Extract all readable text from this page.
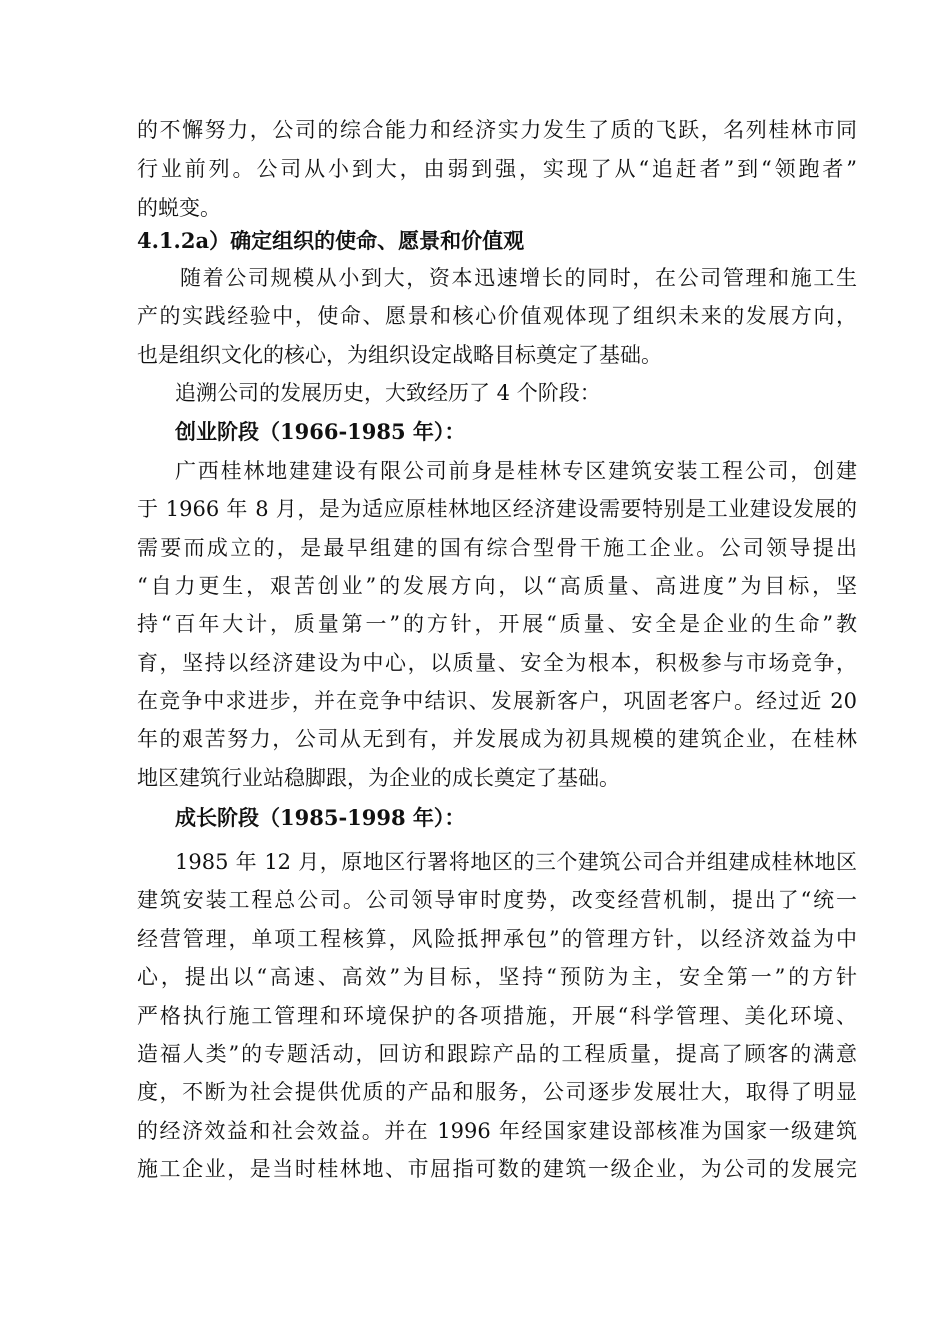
的不懈努力，公司的综合能力和经济实力发生了质的飞跃，名列桂林市同
行业前列。公司从小到大，由弱到强，实现了从“追赶者”到“领跑者”
的蜕变。
4.1.2a）确定组织的使命、愿景和价值观
随着公司规模从小到大，资本迅速增长的同时，在公司管理和施工生
产的实践经验中，使命、愿景和核心价值观体现了组织未来的发展方向，
也是组织文化的核心，为组织设定战略目标奠定了基础。
追溯公司的发展历史，大致经历了 4 个阶段：
创业阶段（1966-1985 年）：
广西桂林地建建设有限公司前身是桂林专区建筑安装工程公司，创建
于 1966 年 8 月，是为适应原桂林地区经济建设需要特别是工业建设发展的
需要而成立的，是最早组建的国有综合型骨干施工企业。公司领导提出
“自力更生，艰苦创业”的发展方向，以“高质量、高进度”为目标，坚
持“百年大计，质量第一”的方针，开展“质量、安全是企业的生命”教
育，坚持以经济建设为中心，以质量、安全为根本，积极参与市场竞争，
在竞争中求进步，并在竞争中结识、发展新客户，巩固老客户。经过近 20
年的艰苦努力，公司从无到有，并发展成为初具规模的建筑企业，在桂林
地区建筑行业站稳脚跟，为企业的成长奠定了基础。
成长阶段（1985-1998 年）：
1985 年 12 月，原地区行署将地区的三个建筑公司合并组建成桂林地区
建筑安装工程总公司。公司领导审时度势，改变经营机制，提出了“统一
经营管理，单项工程核算，风险抵押承包”的管理方针，以经济效益为中
心，提出以“高速、高效”为目标，坚持“预防为主，安全第一”的方针
严格执行施工管理和环境保护的各项措施，开展“科学管理、美化环境、
造福人类”的专题活动，回访和跟踪产品的工程质量，提高了顾客的满意
度，不断为社会提供优质的产品和服务，公司逐步发展壮大，取得了明显
的经济效益和社会效益。并在 1996 年经国家建设部核准为国家一级建筑
施工企业，是当时桂林地、市屈指可数的建筑一级企业，为公司的发展完
